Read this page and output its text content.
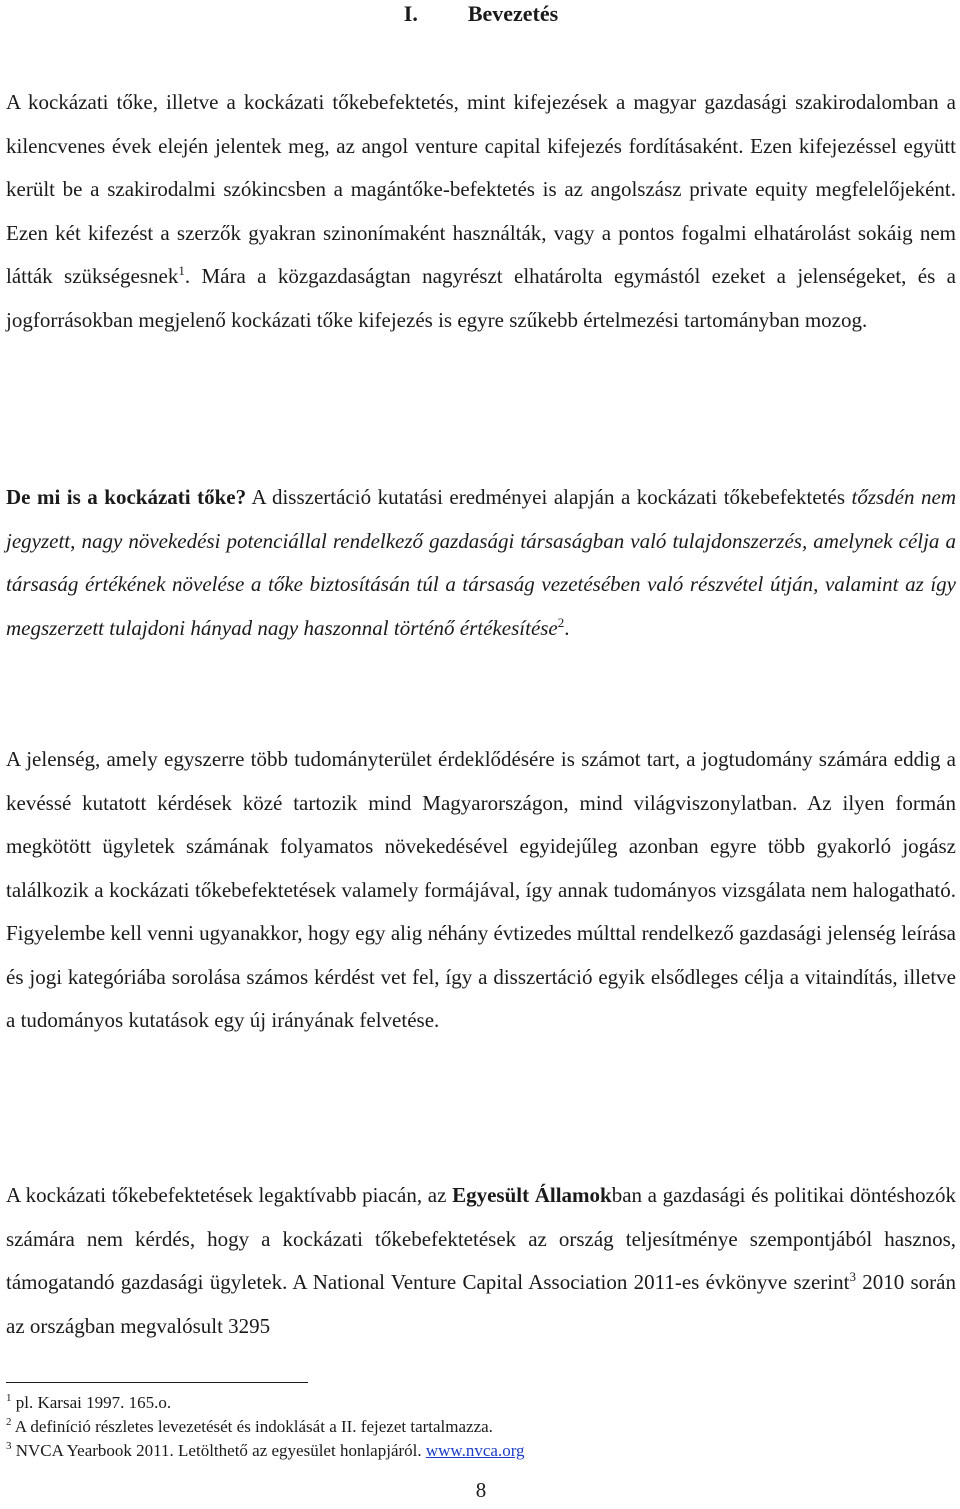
I. Bevezetés

A kockázati tőke, illetve a kockázati tőkebefektetés, mint kifejezések a magyar gazdasági szakirodalomban a kilencvenes évek elején jelentek meg, az angol venture capital kifejezés fordításaként. Ezen kifejezéssel együtt került be a szakirodalmi szókincsben a magántőke-befektetés is az angolszász private equity megfelelőjeként. Ezen két kifezést a szerzők gyakran szinonímaként használták, vagy a pontos fogalmi elhatárolást sokáig nem látták szükségesnek$^1$. Mára a közgazdaságtan nagyrészt elhatárolta egymástól ezeket a jelenségeket, és a jogforrásokban megjelenő kockázati tőke kifejezés is egyre szűkebb értelmezési tartományban mozog.

De mi is a kockázati tőke? A disszertáció kutatási eredményei alapján a kockázati tőkebefektetés tőzsdén nem jegyzett, nagy növekedési potenciállal rendelkező gazdasági társaságban való tulajdonszerzés, amelynek célja a társaság értékének növelése a tőke biztosításán túl a társaság vezetésében való részvétel útján, valamint az így megszerzett tulajdoni hányad nagy haszonnal történő értékesítése$^2$.

A jelenség, amely egyszerre több tudományterület érdeklődésére is számot tart, a jogtudomány számára eddig a kevéssé kutatott kérdések közé tartozik mind Magyarországon, mind világviszonylatban. Az ilyen formán megkötött ügyletek számának folyamatos növekedésével egyidejűleg azonban egyre több gyakorló jogász találkozik a kockázati tőkebefektetések valamely formájával, így annak tudományos vizsgálata nem halogatható. Figyelembe kell venni ugyanakkor, hogy egy alig néhány évtizedes múlttal rendelkező gazdasági jelenség leírása és jogi kategóriába sorolása számos kérdést vet fel, így a disszertáció egyik elsődleges célja a vitaindítás, illetve a tudományos kutatások egy új irányának felvetése.

A kockázati tőkebefektetések legaktívabb piacán, az Egyesült Államokban a gazdasági és politikai döntéshozók számára nem kérdés, hogy a kockázati tőkebefektetések az ország teljesítménye szempontjából hasznos, támogatandó gazdasági ügyletek. A National Venture Capital Association 2011-es évkönyve szerint$^3$ 2010 során az országban megvalósult 3295

$^1$ pl. Karsai 1997. 165.o.
$^2$ A definíció részletes levezetését és indoklását a II. fejezet tartalmazza.
$^3$ NVCA Yearbook 2011. Letölthető az egyesület honlapjáról. www.nvca.org
8
